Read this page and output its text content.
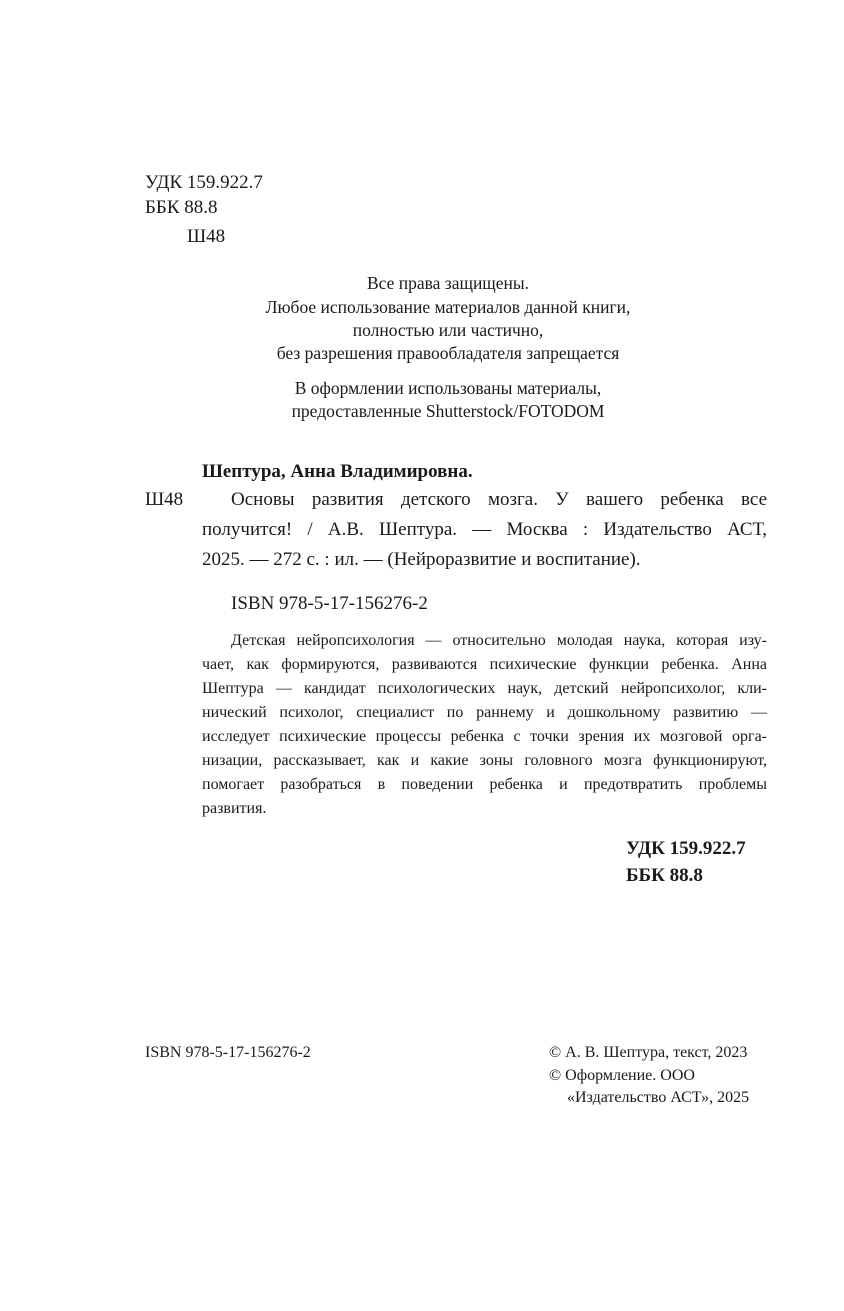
УДК 159.922.7
ББК 88.8
Ш48
Все права защищены.
Любое использование материалов данной книги,
полностью или частично,
без разрешения правообладателя запрещается
В оформлении использованы материалы,
предоставленные Shutterstock/FOTODOM
Шептура, Анна Владимировна.
Ш48	Основы развития детского мозга. У вашего ребенка все
получится! / А.В. Шептура. — Москва : Издательство АСТ,
2025. — 272 с. : ил. — (Нейроразвитие и воспитание).
ISBN 978-5-17-156276-2
Детская нейропсихология — относительно молодая наука, которая изу-
чает, как формируются, развиваются психические функции ребенка. Анна
Шептура — кандидат психологических наук, детский нейропсихолог, кли-
нический психолог, специалист по раннему и дошкольному развитию —
исследует психические процессы ребенка с точки зрения их мозговой орга-
низации, рассказывает, как и какие зоны головного мозга функционируют,
помогает разобраться в поведении ребенка и предотвратить проблемы
развития.
УДК 159.922.7
ББК 88.8
ISBN 978-5-17-156276-2	© А. В. Шептура, текст, 2023
© Оформление. ООО
«Издательство АСТ», 2025
